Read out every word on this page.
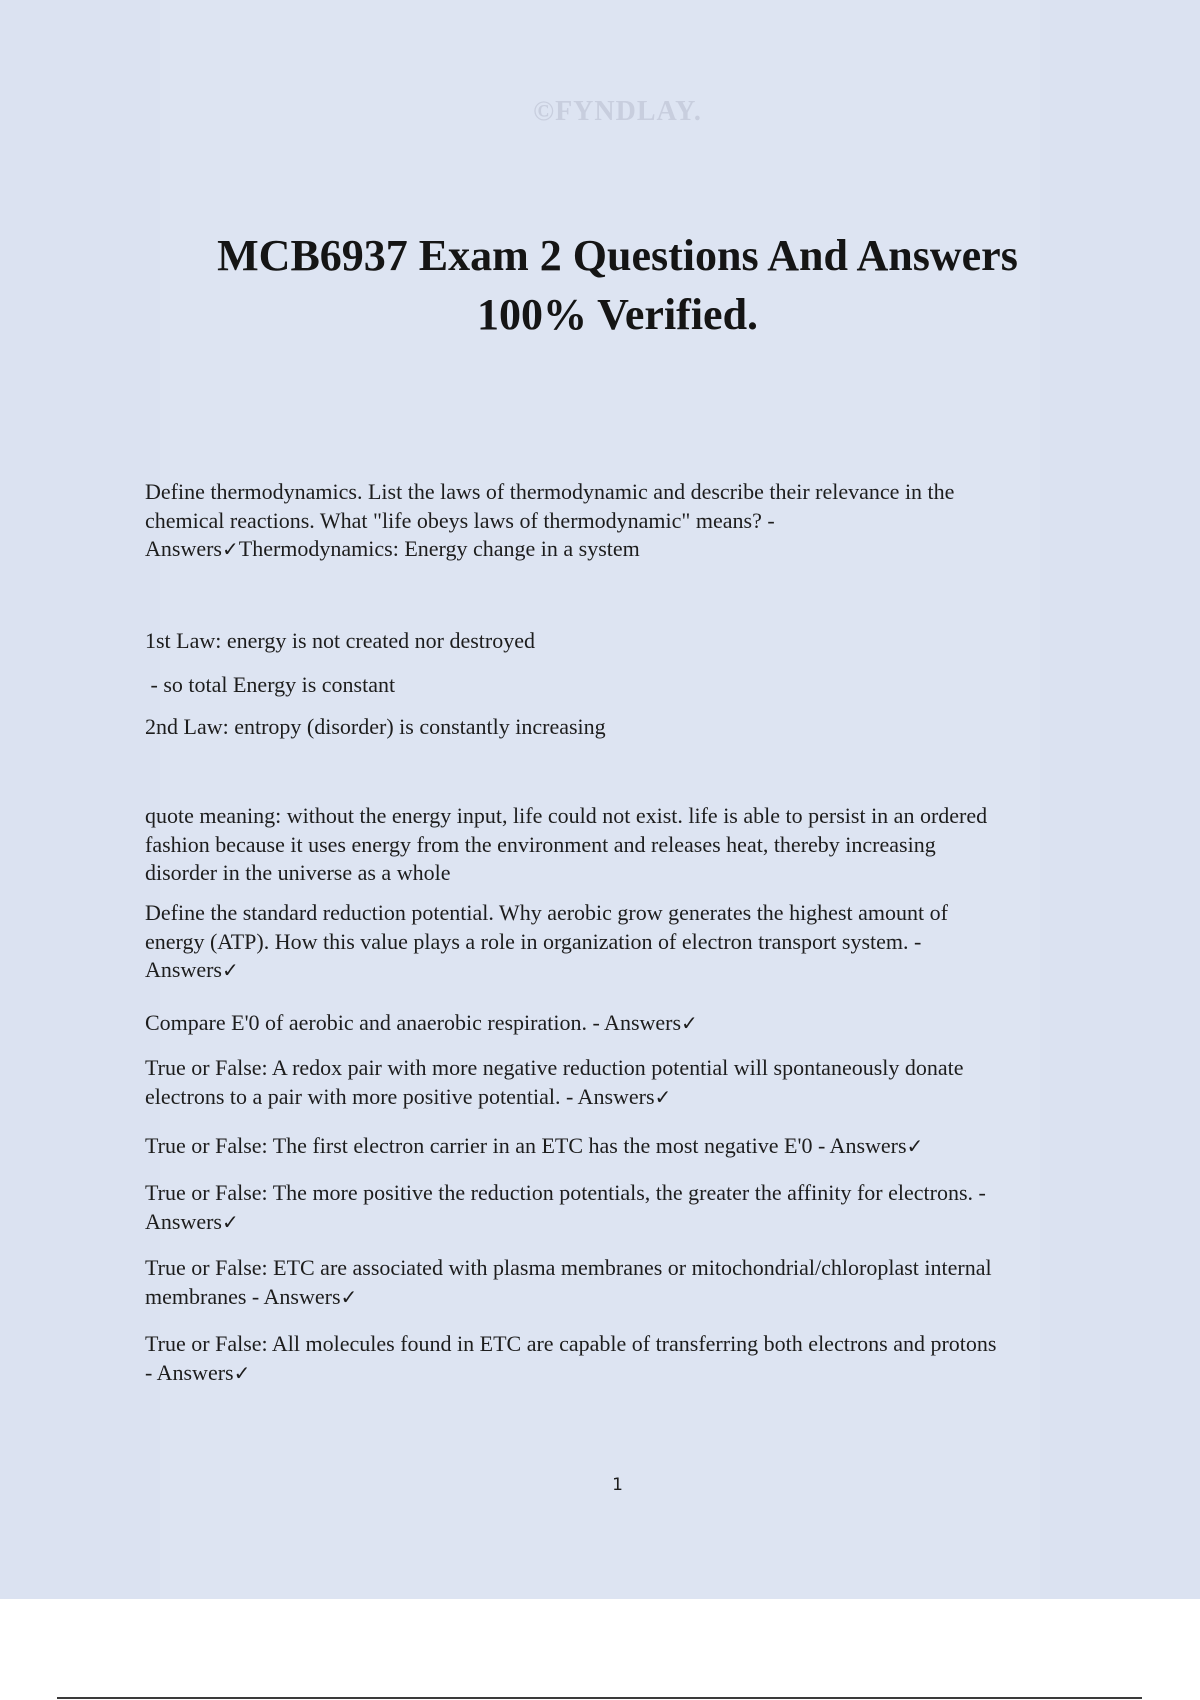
©FYNDLAY.
MCB6937 Exam 2 Questions And Answers
100% Verified.

Define thermodynamics. List the laws of thermodynamic and describe their relevance in the
chemical reactions. What "life obeys laws of thermodynamic" means? -
Answers✓Thermodynamics: Energy change in a system

1st Law: energy is not created nor destroyed

- so total Energy is constant

2nd Law: entropy (disorder) is constantly increasing

quote meaning: without the energy input, life could not exist. life is able to persist in an ordered
fashion because it uses energy from the environment and releases heat, thereby increasing
disorder in the universe as a whole

Define the standard reduction potential. Why aerobic grow generates the highest amount of
energy (ATP). How this value plays a role in organization of electron transport system. -
Answers✓

Compare E'0 of aerobic and anaerobic respiration. - Answers✓

True or False: A redox pair with more negative reduction potential will spontaneously donate
electrons to a pair with more positive potential. - Answers✓

True or False: The first electron carrier in an ETC has the most negative E'0 - Answers✓

True or False: The more positive the reduction potentials, the greater the affinity for electrons. -
Answers✓

True or False: ETC are associated with plasma membranes or mitochondrial/chloroplast internal
membranes - Answers✓

True or False: All molecules found in ETC are capable of transferring both electrons and protons
- Answers✓

1
